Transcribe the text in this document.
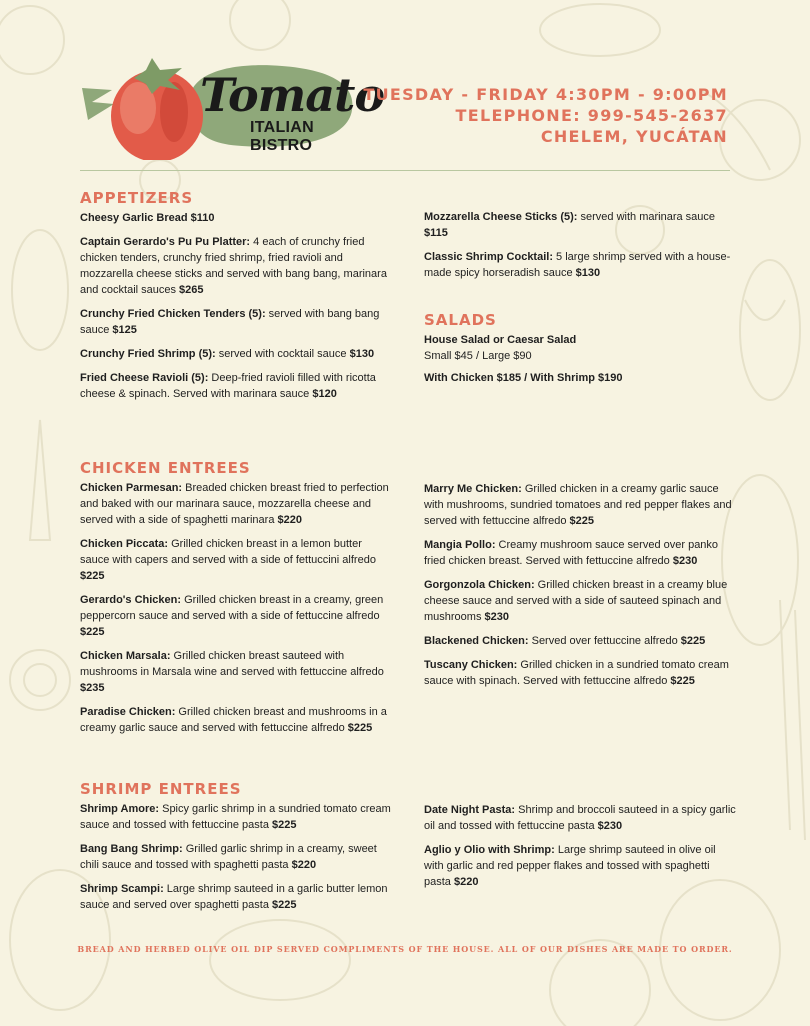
Tomato
ITALIAN BISTRO
TUESDAY - FRIDAY 4:30PM - 9:00PM
TELEPHONE: 999-545-2637
CHELEM, YUCÁTAN
APPETIZERS
Cheesy Garlic Bread $110
Captain Gerardo's Pu Pu Platter: 4 each of crunchy fried chicken tenders, crunchy fried shrimp, fried ravioli and mozzarella cheese sticks and served with bang bang, marinara and cocktail sauces $265
Crunchy Fried Chicken Tenders (5): served with bang bang sauce $125
Crunchy Fried Shrimp (5): served with cocktail sauce $130
Fried Cheese Ravioli (5): Deep-fried ravioli filled with ricotta cheese & spinach. Served with marinara sauce $120
Mozzarella Cheese Sticks (5): served with marinara sauce $115
Classic Shrimp Cocktail: 5 large shrimp served with a house-made spicy horseradish sauce $130
SALADS
House Salad or Caesar Salad
Small $45 / Large $90
With Chicken $185 / With Shrimp $190
CHICKEN ENTREES
Chicken Parmesan: Breaded chicken breast fried to perfection and baked with our marinara sauce, mozzarella cheese and served with a side of spaghetti marinara $220
Chicken Piccata: Grilled chicken breast in a lemon butter sauce with capers and served with a side of fettuccini alfredo $225
Gerardo's Chicken: Grilled chicken breast in a creamy, green peppercorn sauce and served with a side of fettuccine alfredo $225
Chicken Marsala: Grilled chicken breast sauteed with mushrooms in Marsala wine and served with fettuccine alfredo $235
Paradise Chicken: Grilled chicken breast and mushrooms in a creamy garlic sauce and served with fettuccine alfredo $225
Marry Me Chicken: Grilled chicken in a creamy garlic sauce with mushrooms, sundried tomatoes and red pepper flakes and served with fettuccine alfredo $225
Mangia Pollo: Creamy mushroom sauce served over panko fried chicken breast. Served with fettuccine alfredo $230
Gorgonzola Chicken: Grilled chicken breast in a creamy blue cheese sauce and served with a side of sauteed spinach and mushrooms $230
Blackened Chicken: Served over fettuccine alfredo $225
Tuscany Chicken: Grilled chicken in a sundried tomato cream sauce with spinach. Served with fettuccine alfredo $225
SHRIMP ENTREES
Shrimp Amore: Spicy garlic shrimp in a sundried tomato cream sauce and tossed with fettuccine pasta $225
Bang Bang Shrimp: Grilled garlic shrimp in a creamy, sweet chili sauce and tossed with spaghetti pasta $220
Shrimp Scampi: Large shrimp sauteed in a garlic butter lemon sauce and served over spaghetti pasta $225
Date Night Pasta: Shrimp and broccoli sauteed in a spicy garlic oil and tossed with fettuccine pasta $230
Aglio y Olio with Shrimp: Large shrimp sauteed in olive oil with garlic and red pepper flakes and tossed with spaghetti pasta $220
BREAD AND HERBED OLIVE OIL DIP SERVED COMPLIMENTS OF THE HOUSE. ALL OF OUR DISHES ARE MADE TO ORDER.
